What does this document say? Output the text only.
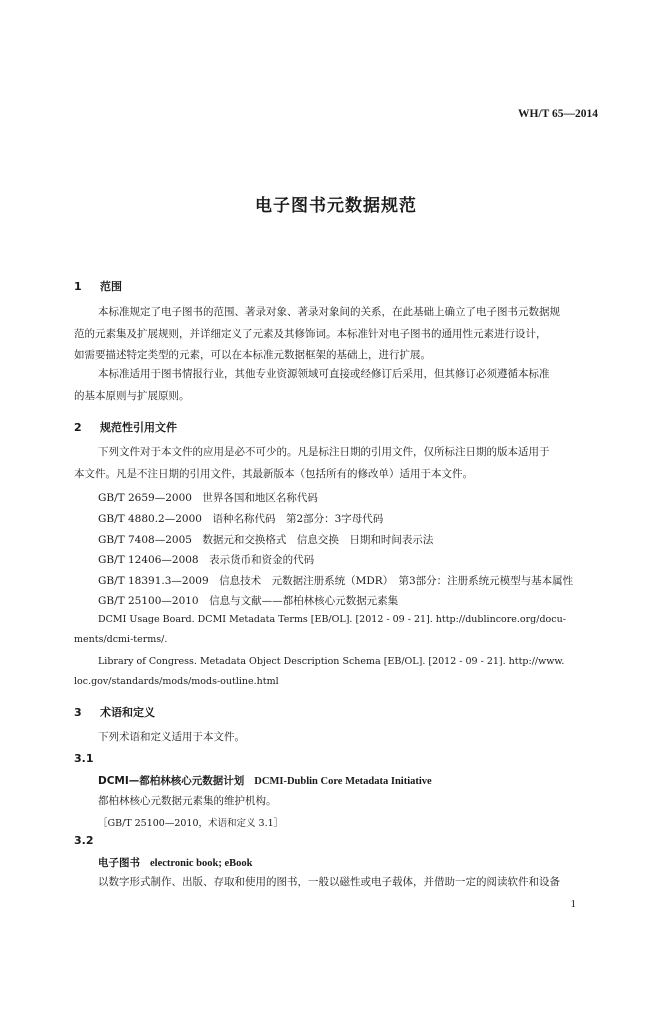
WH/T 65—2014
电子图书元数据规范
1 范围
本标准规定了电子图书的范围、著录对象、著录对象间的关系，在此基础上确立了电子图书元数据规
范的元素集及扩展规则，并详细定义了元素及其修饰词。本标准针对电子图书的通用性元素进行设计，
如需要描述特定类型的元素，可以在本标准元数据框架的基础上，进行扩展。
本标准适用于图书情报行业，其他专业资源领域可直接或经修订后采用，但其修订必须遵循本标准
的基本原则与扩展原则。
2 规范性引用文件
下列文件对于本文件的应用是必不可少的。凡是标注日期的引用文件，仅所标注日期的版本适用于
本文件。凡是不注日期的引用文件，其最新版本（包括所有的修改单）适用于本文件。
GB/T 2659—2000　世界各国和地区名称代码
GB/T 4880.2—2000　语种名称代码　第2部分：3字母代码
GB/T 7408—2005　数据元和交换格式　信息交换　日期和时间表示法
GB/T 12406—2008　表示货币和资金的代码
GB/T 18391.3—2009　信息技术　元数据注册系统（MDR）　第3部分：注册系统元模型与基本属性
GB/T 25100—2010　信息与文献——都柏林核心元数据元素集
DCMI Usage Board. DCMI Metadata Terms [EB/OL]. [2012 - 09 - 21]. http://dublincore.org/docu-
ments/dcmi-terms/.
Library of Congress. Metadata Object Description Schema [EB/OL]. [2012 - 09 - 21]. http://www.
loc.gov/standards/mods/mods-outline.html
3 术语和定义
下列术语和定义适用于本文件。
3.1
DCMI—都柏林核心元数据计划 DCMI-Dublin Core Metadata Initiative
都柏林核心元数据元素集的维护机构。
［GB/T 25100—2010，术语和定义 3.1］
3.2
电子图书 electronic book; eBook
以数字形式制作、出版、存取和使用的图书，一般以磁性或电子载体，并借助一定的阅读软件和设备
1
